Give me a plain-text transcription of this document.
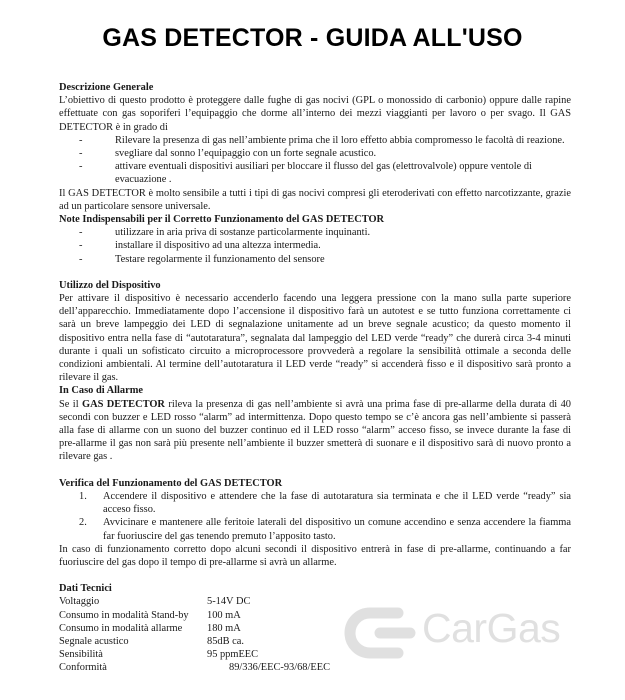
GAS DETECTOR - GUIDA ALL'USO
Descrizione Generale
L’obiettivo di questo prodotto è proteggere dalle fughe di gas nocivi (GPL o monossido di carbonio) oppure dalle rapine effettuate con gas soporiferi l’equipaggio che dorme all’interno dei mezzi viaggianti per lavoro o per svago. Il GAS DETECTOR è in grado di
-	Rilevare la presenza di gas nell’ambiente prima che il loro effetto abbia compromesso le facoltà di reazione.
-	svegliare dal sonno l’equipaggio con un forte segnale acustico.
-	attivare eventuali dispositivi ausiliari per bloccare il flusso del gas (elettrovalvole) oppure ventole di evacuazione .
Il GAS DETECTOR è molto sensibile a tutti i tipi di gas nocivi compresi gli eteroderivati con effetto narcotizzante, grazie ad un particolare sensore universale.
Note Indispensabili per il Corretto Funzionamento del GAS DETECTOR
-	utilizzare in aria priva di sostanze particolarmente inquinanti.
-	installare il dispositivo ad una altezza intermedia.
-	Testare regolarmente il funzionamento del sensore
Utilizzo del Dispositivo
Per attivare il dispositivo è necessario accenderlo facendo una leggera pressione con la mano sulla parte superiore dell’apparecchio. Immediatamente dopo l’accensione il dispositivo farà un autotest e se tutto funziona correttamente ci sarà un breve lampeggio dei LED di segnalazione unitamente ad un breve segnale acustico; da questo momento il dispositivo entra nella fase di “autotaratura”, segnalata dal lampeggio del LED verde “ready” che durerà circa 3-4 minuti durante i quali un sofisticato circuito a microprocessore provvederà a regolare la sensibilità ottimale a seconda delle condizioni ambientali. Al termine dell’autotaratura il LED verde “ready” si accenderà fisso e il dispositivo sarà pronto a rilevare il gas.
In Caso di Allarme
Se il GAS DETECTOR rileva la presenza di gas nell’ambiente si avrà una prima fase di pre-allarme della durata di 40 secondi con buzzer e LED rosso “alarm” ad intermittenza. Dopo questo tempo se c’è ancora gas nell’ambiente si passerà alla fase di allarme con un suono del buzzer continuo ed il LED rosso “alarm” acceso fisso, se invece durante la fase di pre-allarme il gas non sarà più presente nell’ambiente il buzzer smetterà di suonare e il dispositivo sarà di nuovo pronto a rilevare gas .
Verifica del Funzionamento del GAS DETECTOR
1. Accendere il dispositivo e attendere che la fase di autotaratura sia terminata e che il LED verde “ready” sia acceso fisso.
2. Avvicinare e mantenere alle feritoie laterali del dispositivo un comune accendino e senza accendere la fiamma far fuoriuscire del gas tenendo premuto l’apposito tasto.
In caso di funzionamento corretto dopo alcuni secondi il dispositivo entrerà in fase di pre-allarme, continuando a far fuoriuscire del gas dopo il tempo di pre-allarme si avrà un allarme.
Dati Tecnici
Voltaggio	5-14V DC
Consumo in modalità Stand-by	100 mA
Consumo in modalità allarme	180 mA
Segnale acustico	85dB ca.
Sensibilità	95 ppmEEC
Conformità	89/336/EEC-93/68/EEC
CarGas
